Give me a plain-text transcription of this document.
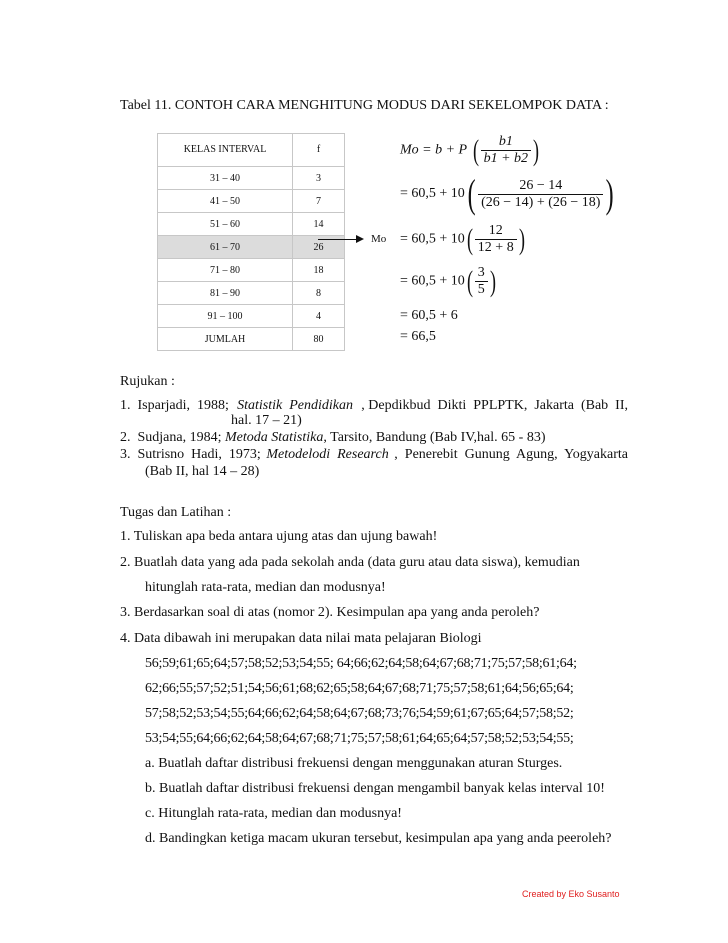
Tabel 11. CONTOH CARA MENGHITUNG MODUS DARI SEKELOMPOK DATA :
KELAS INTERVAL	f
31 – 40	3
41 – 50	7
51 – 60	14
61 – 70	26
71 – 80	18
81 – 90	8
91 – 100	4
JUMLAH	80
Mo
Mo = b + P ( $\frac{b1}{b1 + b2}$ )
= $60,5 + 10( \frac{26 - 14}{(26 - 14) + (26 - 18)}$ )
= $60,5 + 10( \frac{12}{12 + 8}$ )
= $60,5 + 10( \frac{3}{5}$ )
= 60,5 + 6
= 66,5
Rujukan :
1.  Isparjadi,  1988; Statistik  Pendidikan , Depdikbud  Dikti  PPLPTK,  Jakarta  (Bab  II,
hal. 17 – 21)
2.  Sudjana, 1984; Metoda Statistika, Tarsito, Bandung (Bab IV,hal. 65 - 83)
3.  Sutrisno  Hadi,  1973; Metodelodi  Research ,  Penerebit  Gunung  Agung,  Yogyakarta
(Bab II, hal 14 – 28)
Tugas dan Latihan :
1. Tuliskan apa beda antara ujung atas dan ujung bawah!
2. Buatlah data yang ada pada sekolah anda (data guru atau data siswa), kemudian
hitunglah rata-rata, median dan modusnya!
3. Berdasarkan soal di atas (nomor 2). Kesimpulan apa yang anda peroleh?
4. Data dibawah ini merupakan data nilai mata pelajaran Biologi
56;59;61;65;64;57;58;52;53;54;55; 64;66;62;64;58;64;67;68;71;75;57;58;61;64;
62;66;55;57;52;51;54;56;61;68;62;65;58;64;67;68;71;75;57;58;61;64;56;65;64;
57;58;52;53;54;55;64;66;62;64;58;64;67;68;73;76;54;59;61;67;65;64;57;58;52;
53;54;55;64;66;62;64;58;64;67;68;71;75;57;58;61;64;65;64;57;58;52;53;54;55;
a. Buatlah daftar distribusi frekuensi dengan menggunakan aturan Sturges.
b. Buatlah daftar distribusi frekuensi dengan mengambil banyak kelas interval 10!
c. Hitunglah rata-rata, median dan modusnya!
d. Bandingkan ketiga macam ukuran tersebut, kesimpulan apa yang anda peeroleh?
Created by Eko Susanto
